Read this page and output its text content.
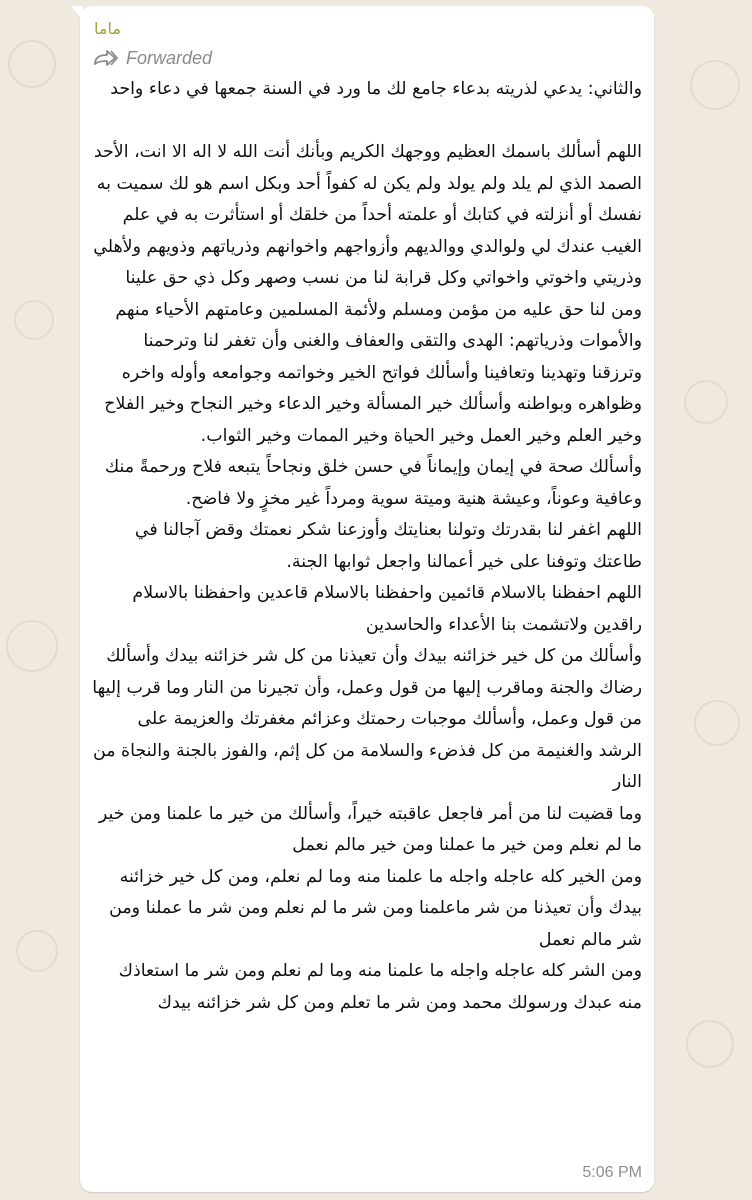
ماما
Forwarded

والثاني: يدعي لذريته بدعاء جامع لك ما ورد في السنة جمعها في دعاء واحد

اللهم أسألك باسمك العظيم ووجهك الكريم وبأنك أنت الله لا اله الا انت، الأحد الصمد الذي لم يلد ولم يولد ولم يكن له كفواً أحد وبكل اسم هو لك سميت به نفسك أو أنزلته في كتابك أو علمته أحداً من خلقك أو استأثرت به في علم الغيب عندك لي ولوالدي ووالديهم وأزواجهم واخوانهم وذرياتهم وذويهم ولأهلي وذريتي واخوتي واخواتي وكل قرابة لنا من نسب وصهر وكل ذي حق علينا ومن لنا حق عليه من مؤمن ومسلم ولأئمة المسلمين وعامتهم الأحياء منهم والأموات وذرياتهم: الهدى والتقى والعفاف والغنى وأن تغفر لنا وترحمنا وترزقنا وتهدينا وتعافينا وأسألك فواتح الخير وخواتمه وجوامعه وأوله واخره وظواهره وبواطنه وأسألك خير المسألة وخير الدعاء وخير النجاح وخير الفلاح وخير العلم وخير العمل وخير الحياة وخير الممات وخير الثواب.

وأسألك صحة في إيمان وإيماناً في حسن خلق ونجاحاً يتبعه فلاح ورحمةً منك وعافية وعوناً، وعيشة هنية وميتة سوية ومرداً غير مخزٍ ولا فاضح.

اللهم اغفر لنا بقدرتك وتولنا بعنايتك وأوزعنا شكر نعمتك وقض آجالنا في طاعتك وتوفنا على خير أعمالنا واجعل ثوابها الجنة.

اللهم احفظنا بالاسلام قائمين واحفظنا بالاسلام قاعدين واحفظنا بالاسلام راقدين ولاتشمت بنا الأعداء والحاسدين

وأسألك من كل خير خزائنه بيدك وأن تعيذنا من كل شر خزائنه بيدك وأسألك رضاك والجنة وماقرب إليها من قول وعمل، وأن تجيرنا من النار وما قرب إليها من قول وعمل، وأسألك موجبات رحمتك وعزائم مغفرتك والعزيمة على الرشد والغنيمة من كل فذضء والسلامة من كل إثم، والفوز بالجنة والنجاة من النار

وما قضيت لنا من أمر فاجعل عاقبته خيراً، وأسألك من خير ما علمنا ومن خير ما لم نعلم ومن خير ما عملنا ومن خير مالم نعمل

ومن الخير كله عاجله واجله ما علمنا منه وما لم نعلم، ومن كل خير خزائنه بيدك وأن تعيذنا من شر ماعلمنا ومن شر ما لم نعلم ومن شر ما عملنا ومن شر مالم نعمل

ومن الشر كله عاجله واجله ما علمنا منه وما لم نعلم ومن شر ما استعاذك منه عبدك ورسولك محمد ومن شر ما تعلم ومن كل شر خزائنه بيدك

5:06 PM
